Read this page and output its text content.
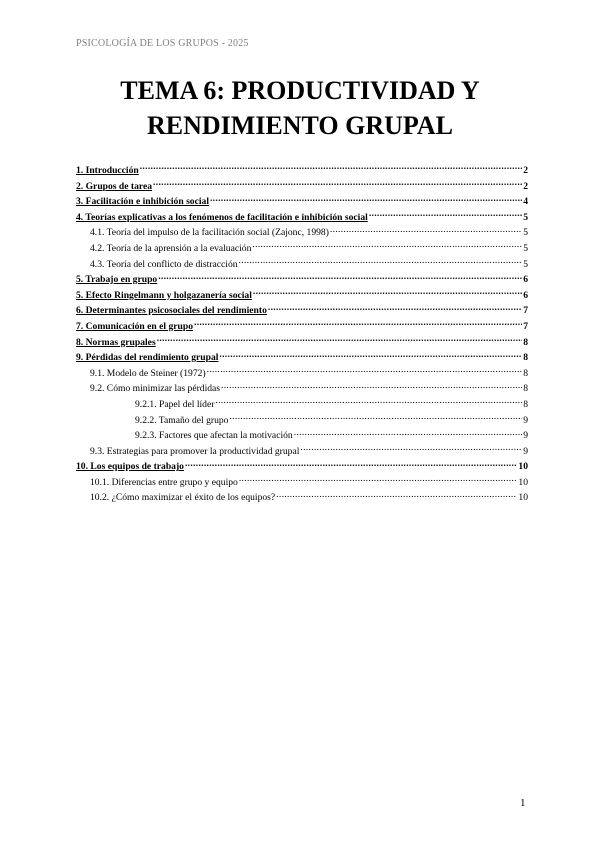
PSICOLOGÍA DE LOS GRUPOS - 2025
TEMA 6: PRODUCTIVIDAD Y
RENDIMIENTO GRUPAL
1. Introducción .....	2
2. Grupos de tarea .....	2
3. Facilitación e inhibición social .....	4
4. Teorías explicativas a los fenómenos de facilitación e inhibición social .....	5
4.1. Teoría del impulso de la facilitación social (Zajonc, 1998) .....	5
4.2. Teoría de la aprensión a la evaluación .....	5
4.3. Teoría del conflicto de distracción .....	5
5. Trabajo en grupo .....	6
5. Efecto Ringelmann y holgazanería social .....	6
6. Determinantes psicosociales del rendimiento .....	7
7. Comunicación en el grupo .....	7
8. Normas grupales .....	8
9. Pérdidas del rendimiento grupal .....	8
9.1. Modelo de Steiner (1972) .....	8
9.2. Cómo minimizar las pérdidas .....	8
9.2.1. Papel del líder .....	8
9.2.2. Tamaño del grupo .....	9
9.2.3. Factores que afectan la motivación .....	9
9.3. Estrategias para promover la productividad grupal .....	9
10. Los equipos de trabajo .....	10
10.1. Diferencias entre grupo y equipo .....	10
10.2. ¿Cómo maximizar el éxito de los equipos? .....	10
1
